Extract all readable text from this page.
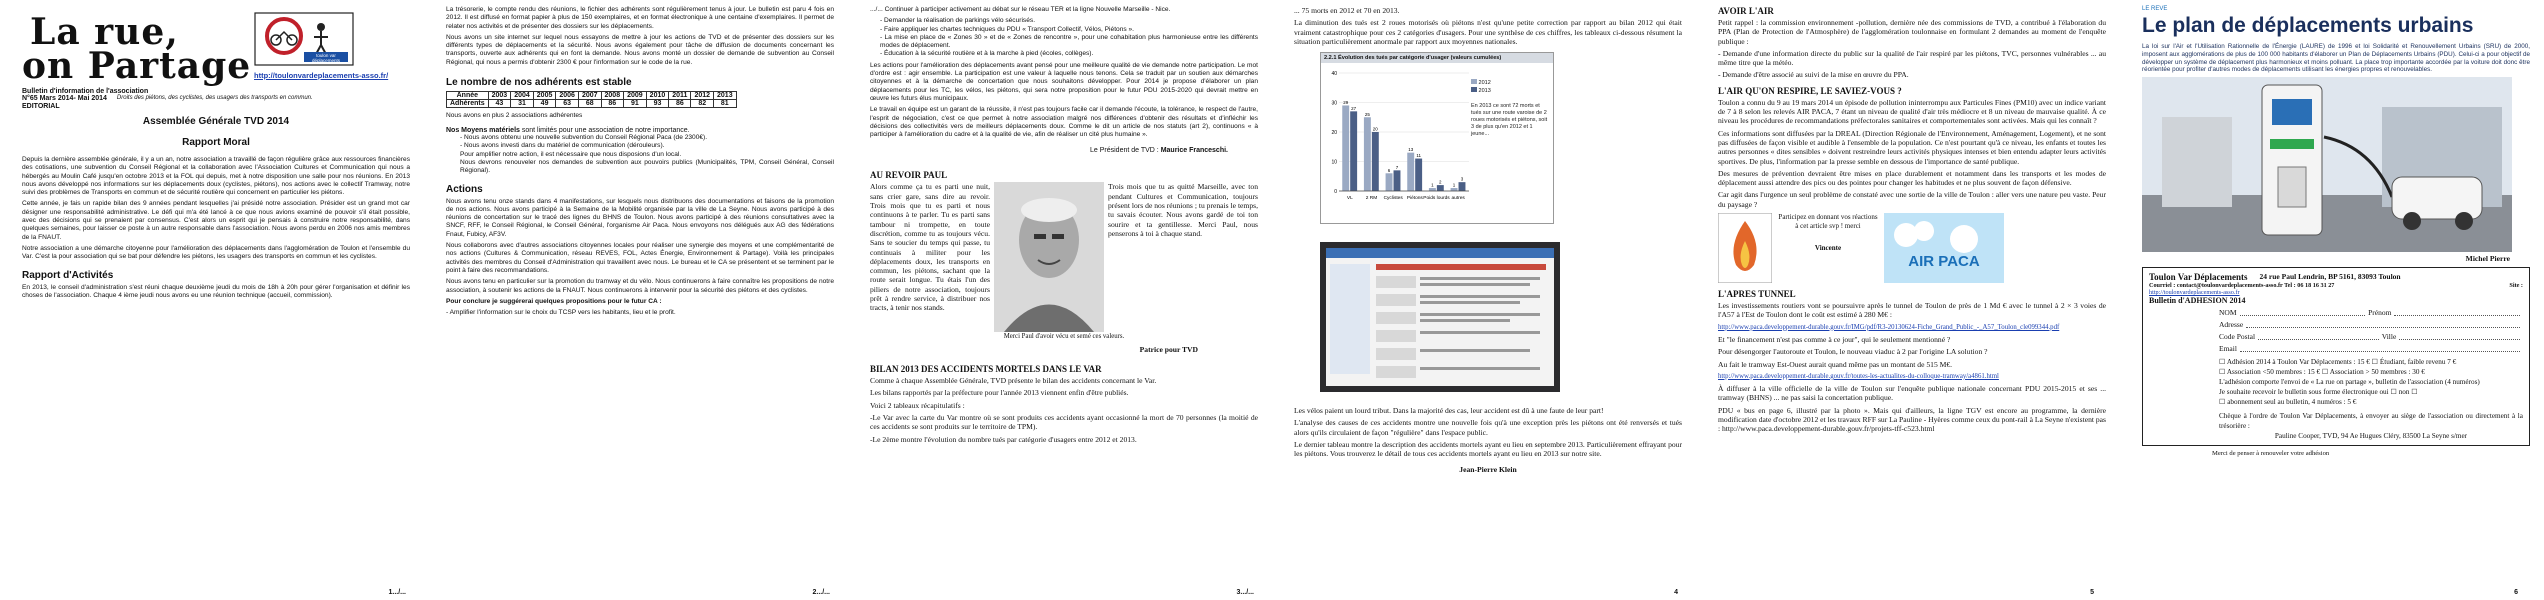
La rue,
on Partage	toulon var déplacements
http://toulonvardeplacements-asso.fr/
Bulletin d'information de l'association
N°65 Mars 2014- Mai 2014 Droits des piétons, des cyclistes, des usagers des transports en commun.
EDITORIAL
Assemblée Générale TVD 2014
Rapport Moral

Depuis la dernière assemblée générale, il y a un an, notre association a travaillé de façon régulière grâce aux ressources financières des cotisations, une subvention du Conseil Régional et la collaboration avec l'Association Cultures et Communication qui nous a hébergés au Moulin Café jusqu'en octobre 2013 et la FOL qui depuis, met à notre disposition une salle pour nos réunions. En 2013 nous avons développé nos informations sur les déplacements doux (cyclistes, piétons), nos actions avec le collectif Tramway, notre suivi des problèmes de Transports en commun et de sécurité routière qui concernent en particulier les piétons.

Cette année, je fais un rapide bilan des 9 années pendant lesquelles j'ai présidé notre association. Présider est un grand mot car désigner une responsabilité administrative. Le défi qui m'a été lancé à ce que nous avions examiné de pouvoir s'il était possible, avec des décisions qui se prenaient par consensus. C'est alors un esprit qui je pensais à construire notre responsabilité, dans quelques semaines, pour laisser ce poste à un autre responsable dans l'association. Nous avons perdu en 2006 nos amis membres de la FNAUT.

Notre association a une démarche citoyenne pour l'amélioration des déplacements dans l'agglomération de Toulon et l'ensemble du Var. C'est la pour association qui se bat pour défendre les piétons, les usagers des transports en commun et les cyclistes.

Rapport d'Activités

En 2013, le conseil d'administration s'est réuni chaque deuxième jeudi du mois de 18h à 20h pour gérer l'organisation et définir les choses de l'association. Chaque 4 ième jeudi nous avons eu une réunion technique (accueil, commission).

1.../...

La trésorerie, le compte rendu des réunions, le fichier des adhérents sont régulièrement tenus à jour. Le bulletin est paru 4 fois en 2012. Il est diffusé en format papier à plus de 150 exemplaires, et en format électronique à une centaine d'exemplaires. Il permet de relater nos activités et de présenter des dossiers sur les déplacements.

Nous avons un site internet sur lequel nous essayons de mettre à jour les actions de TVD et de présenter des dossiers sur les différents types de déplacements et la sécurité. Nous avons également pour tâche de diffusion de documents concernant les transports, ouverte aux adhérents qui en font la demande. Nous avons monté un dossier de demande de subvention au Conseil Régional, qui nous a permis d'obtenir 2300 € pour l'information sur le code de la rue.

Le nombre de nos adhérents est stable
Année	2003	2004	2005	2006	2007	2008	2009	2010	2011	2012	2013
Adhérents	43	31	49	63	68	86	91	93	86	82	81
Nous avons en plus 2 associations adhérentes
Nos Moyens matériels sont limités pour une association de notre importance.
- Nous avons obtenu une nouvelle subvention du Conseil Régional Paca (de 2300€).
- Nous avons investi dans du matériel de communication (dérouleurs).
Pour amplifier notre action, il est nécessaire que nous disposions d'un local.
Nous devrons renouveler nos demandes de subvention aux pouvoirs publics (Municipalités, TPM, Conseil Général, Conseil Régional).
Actions

Nous avons tenu onze stands dans 4 manifestations, sur lesquels nous distribuons des documentations et faisons de la promotion de nos actions. Nous avons participé à la Semaine de la Mobilité organisée par la ville de La Seyne. Nous avons participé à des réunions de concertation sur le tracé des lignes du BHNS de Toulon. Nous avons participé à des réunions consultatives avec la SNCF, RFF, le Conseil Régional, le Conseil Général, l'organisme Air Paca. Nous envoyons nos délégués aux AG des fédérations Fnaut, Fubicy, AF3V.

Nous collaborons avec d'autres associations citoyennes locales pour réaliser une synergie des moyens et une complémentarité de nos actions (Cultures & Communication, réseau REVES, FOL, Actes Énergie, Environnement & Partage). Voilà les principales activités des membres du Conseil d'Administration qui travaillent avec nous. Le bureau et le CA se présentent et se terminent par le point à faire des recommandations.

Nous avons tenu en particulier sur la promotion du tramway et du vélo. Nous continuerons à faire connaître les propositions de notre association, à soutenir les actions de la FNAUT. Nous continuerons à intervenir pour la sécurité des piétons et des cyclistes.

Pour conclure je suggérerai quelques propositions pour le futur CA :

- Amplifier l'information sur le choix du TCSP vers les habitants, lieu et le profit.

2.../...

.../... Continuer à participer activement au débat sur le réseau TER et la ligne Nouvelle Marseille - Nice.

- Demander la réalisation de parkings vélo sécurisés.
- Faire appliquer les chartes techniques du PDU « Transport Collectif, Vélos, Piétons ».
- La mise en place de « Zones 30 » et de « Zones de rencontre », pour une cohabitation plus harmonieuse entre les différents modes de déplacement.
- Éducation à la sécurité routière et à la marche à pied (écoles, collèges).

Les actions pour l'amélioration des déplacements avant pensé pour une meilleure qualité de vie demande notre participation. Le mot d'ordre est : agir ensemble. La participation est une valeur à laquelle nous tenons. Cela se traduit par un soutien aux démarches citoyennes et à la démarche de concertation que nous souhaitons développer. Pour 2014 je propose d'élaborer un plan déplacements pour les TC, les vélos, les piétons, qui sera notre proposition pour le futur PDU 2015-2020 qui devrait mettre en œuvre les futurs élus municipaux.

Le travail en équipe est un garant de la réussite, il n'est pas toujours facile car il demande l'écoute, la tolérance, le respect de l'autre, l'esprit de négociation, c'est ce que permet à notre association malgré nos différences d'obtenir des résultats et d'infléchir les décisions des collectivités vers de meilleurs déplacements doux. Comme le dit un article de nos statuts (art 2), continuons « à participer à l'amélioration du cadre et à la qualité de vie, afin de réaliser un cité plus humaine ».

Le Président de TVD : Maurice Franceschi.
AU REVOIR PAUL

Alors comme ça tu es parti une nuit, sans crier gare, sans dire au revoir. Trois mois que tu es parti et nous continuons à te parler. Tu es parti sans tambour ni trompette, en toute discrétion, comme tu as toujours vécu. Sans te soucier du temps qui passe, tu continuais à militer pour les déplacements doux, les transports en commun, les piétons, sachant que la route serait longue. Tu étais l'un des piliers de notre association, toujours prêt à rendre service, à distribuer nos tracts, à tenir nos stands.

Trois mois que tu as quitté Marseille, avec ton pendant Cultures et Communication, toujours présent lors de nos réunions ; tu prenais le temps, tu savais écouter. Nous avons gardé de toi ton sourire et ta gentillesse. Merci Paul, nous penserons à toi à chaque stand.

Merci Paul d'avoir vécu et semé ces valeurs.

Patrice pour TVD

BILAN 2013 DES ACCIDENTS MORTELS DANS LE VAR

Comme à chaque Assemblée Générale, TVD présente le bilan des accidents concernant le Var.

Les bilans rapportés par la préfecture pour l'année 2013 viennent enfin d'être publiés.

Voici 2 tableaux récapitulatifs :

-Le Var avec la carte du Var montre où se sont produits ces accidents ayant occasionné la mort de 70 personnes (la moitié de ces accidents se sont produits sur le territoire de TPM).

-Le 2ème montre l'évolution du nombre tués par catégorie d'usagers entre 2012 et 2013.

3.../...

... 75 morts en 2012 et 70 en 2013.

La diminution des tués est 2 roues motorisés où piétons n'est qu'une petite correction par rapport au bilan 2012 qui était vraiment catastrophique pour ces 2 catégories d'usagers. Pour une synthèse de ces chiffres, les tableaux ci-dessous résument la situation particulièrement anormale par rapport aux moyennes nationales.

2.2.1 Évolution des tués par catégorie d'usager (valeurs cumulées)
0
10
20
30
40
29
27
VL
25
20
2 RM
6
7
Cyclistes
13
11
Piétons
1
2
Poids lourds
1
3
autres
2012
2013
En 2013 ce sont 72 morts et tués sur une route varoise de 2 roues motorisés et piétons, soit 3 de plus qu'en 2012 et 1 jeune...

Les vélos paient un lourd tribut. Dans la majorité des cas, leur accident est dû à une faute de leur part!

L'analyse des causes de ces accidents montre une nouvelle fois qu'à une exception près les piétons ont été renversés et tués alors qu'ils circulaient de façon "régulière" dans l'espace public.

Le dernier tableau montre la description des accidents mortels ayant eu lieu en septembre 2013. Particulièrement effrayant pour les piétons. Vous trouverez le détail de tous ces accidents mortels ayant eu lieu en 2013 sur notre site.

Jean-Pierre Klein

4
AVOIR L'AIR

Petit rappel : la commission environnement -pollution, dernière née des commissions de TVD, a contribué à l'élaboration du PPA (Plan de Protection de l'Atmosphère) de l'agglomération toulonnaise en formulant 2 demandes au moment de l'enquête publique :

- Demande d'une information directe du public sur la qualité de l'air respiré par les piétons, TVC, personnes vulnérables ... au même titre que la météo.

- Demande d'être associé au suivi de la mise en œuvre du PPA.

L'AIR QU'ON RESPIRE, LE SAVIEZ-VOUS ?

Toulon a connu du 9 au 19 mars 2014 un épisode de pollution ininterrompu aux Particules Fines (PM10) avec un indice variant de 7 à 8 selon les relevés AIR PACA, 7 étant un niveau de qualité d'air très médiocre et 8 un niveau de mauvaise qualité. À ce niveau les procédures de recommandations préfectorales sanitaires et comportementales sont activées. Mais qui les connaît ?

Ces informations sont diffusées par la DREAL (Direction Régionale de l'Environnement, Aménagement, Logement), et ne sont pas diffusées de façon visible et audible à l'ensemble de la population. Ce n'est pourtant qu'à ce niveau, les enfants et toutes les autres personnes « dites sensibles » doivent restreindre leurs activités physiques intenses et bien entendu adapter leurs activités sportives. De plus, l'information par la presse semble en dessous de l'importance de santé publique.

Des mesures de prévention devraient être mises en place durablement et notamment dans les transports et les modes de déplacement aussi attendre des pics ou des pointes pour changer les habitudes et ne plus souvent de façon défensive.

Car agit dans l'urgence un seul problème de constaté avec une sortie de la ville de Toulon : aller vers une nature peu vaste. Peur du paysage ?

Participez en donnant vos réactions à cet article svp ! merci
Vincente
AIR PACA
L'APRES TUNNEL

Les investissements routiers vont se poursuivre après le tunnel de Toulon de près de 1 Md € avec le tunnel à 2 × 3 voies de l'A57 à l'Est de Toulon dont le coût est estimé à 280 M€ :

http://www.paca.developpement-durable.gouv.fr/IMG/pdf/R3-20130624-Fiche_Grand_Public_-_A57_Toulon_cle099344.pdf

Et "le financement n'est pas comme à ce jour", qui le seulement mentionné ?

Pour désengorger l'autoroute et Toulon, le nouveau viaduc à 2 par l'origine LA solution ?

Au fait le tramway Est-Ouest aurait quand même pas un montant de 515 M€.

http://www.paca.developpement-durable.gouv.fr/toutes-les-actualites-du-colloque-tramway/a4861.html

À diffuser à la ville officielle de la ville de Toulon sur l'enquête publique nationale concernant PDU 2015-2015 et ses ... tramway (BHNS) ... ne pas saisi la concertation publique.

PDU « bus en page 6, illustré par la photo ». Mais qui d'ailleurs, la ligne TGV est encore au programme, la dernière modification date d'octobre 2012 et les travaux RFF sur La Pauline - Hyères comme ceux du pont-rail à La Seyne n'existent pas : http://www.paca.developpement-durable.gouv.fr/projets-tff-c523.html

5
LE REVE
Le plan de déplacements urbains

La loi sur l'Air et l'Utilisation Rationnelle de l'Énergie (LAURE) de 1996 et loi Solidarité et Renouvellement Urbains (SRU) de 2000, imposent aux agglomérations de plus de 100 000 habitants d'élaborer un Plan de Déplacements Urbains (PDU). Celui-ci a pour objectif de développer un système de déplacement plus harmonieux et moins polluant. La place trop importante accordée par la voiture doit donc être réorientée pour profiter d'autres modes de déplacements utilisant les énergies propres et renouvelables.

Michel Pierre
Toulon Var Déplacements 24 rue Paul Lendrin, BP 5161, 83093 Toulon
Courriel : contact@toulonvardeplacements-asso.fr Tel : 06 18 16 31 27	Site :
http://toulonvardeplacements-asso.fr
Bulletin d'ADHESION 2014
NOM	Prénom
Adresse
Code Postal	Ville
Email
☐ Adhésion 2014 à Toulon Var Déplacements : 15 € ☐ Étudiant, faible revenu 7 €
☐ Association <50 membres : 15 € ☐ Association > 50 membres : 30 €
L'adhésion comporte l'envoi de « La rue on partage », bulletin de l'association (4 numéros)
Je souhaite recevoir le bulletin sous forme électronique oui ☐ non ☐
☐ abonnement seul au bulletin, 4 numéros : 5 €
Chèque à l'ordre de Toulon Var Déplacements, à envoyer au siège de l'association ou directement à la trésorière :
Pauline Cooper, TVD, 94 Ae Hugues Cléry, 83500 La Seyne s/mer
Merci de penser à renouveler votre adhésion
6
